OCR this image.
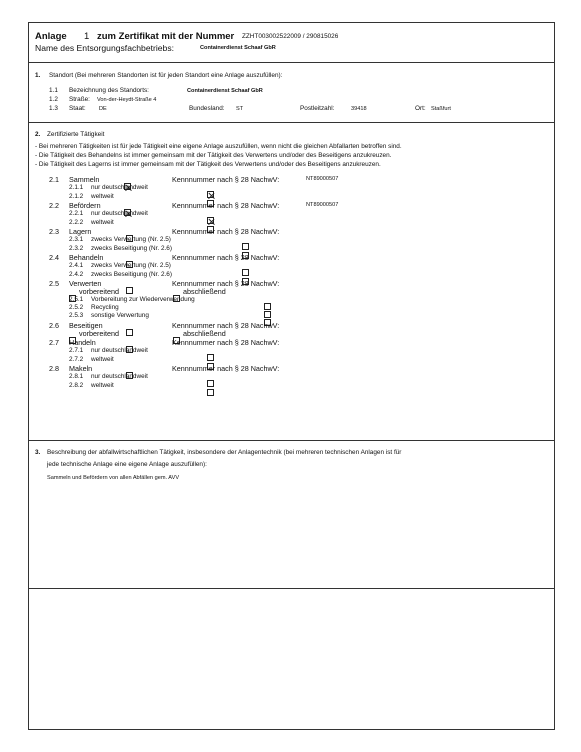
Anlage 1 zum Zertifikat mit der Nummer ZZHT003002522009 / 290815026
Name des Entsorgungsfachbetriebs:	Containerdienst Schaaf GbR
1. Standort (Bei mehreren Standorten ist für jeden Standort eine Anlage auszufüllen):
1.1 Bezeichnung des Standorts:	Containerdienst Schaaf GbR
1.2 Straße: Von-der-Heydt-Straße 4
1.3 Staat: DE	Bundesland: ST	Postleitzahl:	39418	Ort: Staßfurt
2. Zertifizierte Tätigkeit
- Bei mehreren Tätigkeiten ist für jede Tätigkeit eine eigene Anlage auszufüllen, wenn nicht die gleichen Abfallarten betroffen sind.
- Die Tätigkeit des Behandelns ist immer gemeinsam mit der Tätigkeit des Verwertens und/oder des Beseitigens anzukreuzen.
- Die Tätigkeit des Lagerns ist immer gemeinsam mit der Tätigkeit des Verwertens und/oder des Beseitigens anzukreuzen.
2.1 Sammeln	Kennnummer nach § 28 NachwV:	NT89000507
2.1.1 nur deutschlandweit
2.1.2 weltweit
2.2 Befördern	Kennnummer nach § 28 NachwV:	NT89000507
2.2.1 nur deutschlandweit
2.2.2 weltweit
2.3 Lagern	Kennnummer nach § 28 NachwV:
2.3.1 zwecks Verwertung (Nr. 2.5)
2.3.2 zwecks Beseitigung (Nr. 2.6)
2.4 Behandeln	Kennnummer nach § 28 NachwV:
2.4.1 zwecks Verwertung (Nr. 2.5)
2.4.2 zwecks Beseitigung (Nr. 2.6)
2.5 Verwerten	Kennnummer nach § 28 NachwV:
vorbereitend	abschließend
2.5.1 Vorbereitung zur Wiederverwendung
2.5.2 Recycling
2.5.3 sonstige Verwertung
2.6 Beseitigen	Kennnummer nach § 28 NachwV:
vorbereitend	abschließend
2.7 Handeln	Kennnummer nach § 28 NachwV:
2.7.1 nur deutschlandweit
2.7.2 weltweit
2.8 Makeln	Kennnummer nach § 28 NachwV:
2.8.1 nur deutschlandweit
2.8.2 weltweit
3. Beschreibung der abfallwirtschaftlichen Tätigkeit, insbesondere der Anlagentechnik (bei mehreren technischen Anlagen ist für
jede technische Anlage eine eigene Anlage auszufüllen):
Sammeln und Befördern von allen Abfällen gem. AVV
